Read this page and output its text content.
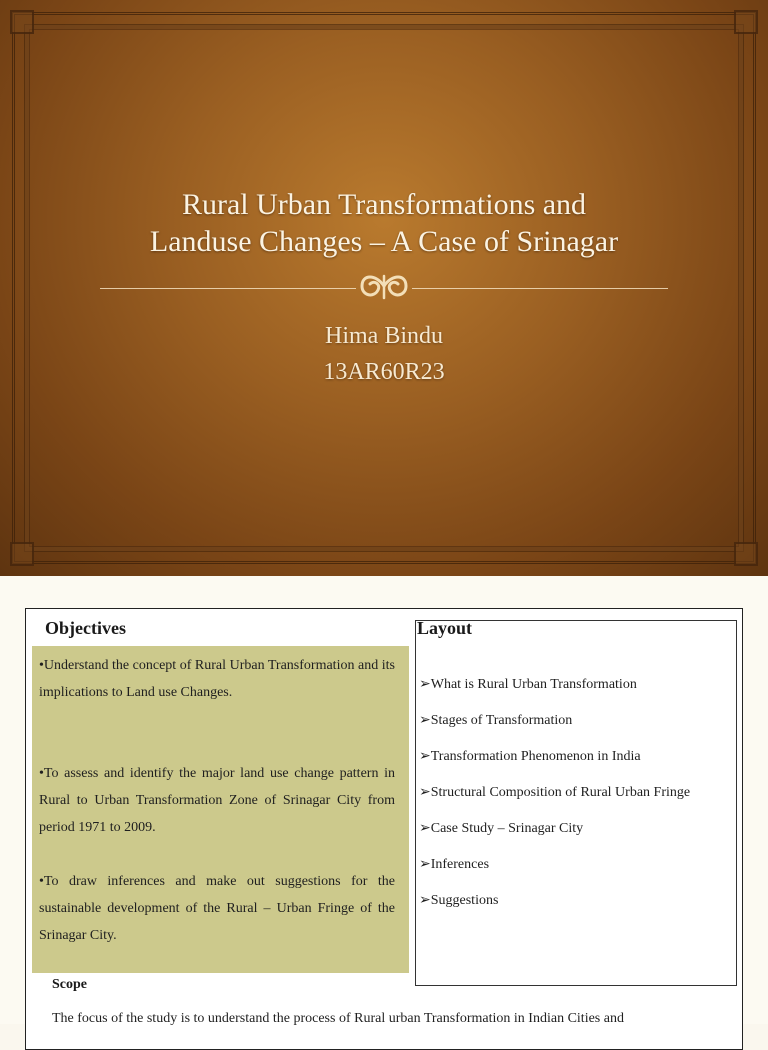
Rural Urban Transformations and
Landuse Changes – A Case of Srinagar
Hima Bindu
13AR60R23
Objectives
•Understand the concept of Rural Urban Transformation and its implications to Land use Changes.
•To assess and identify the major land use change pattern in Rural to Urban Transformation Zone of Srinagar City from period 1971 to 2009.
•To draw inferences and make out suggestions for the sustainable development of the Rural – Urban Fringe of the Srinagar City.
Layout
➢What is Rural Urban Transformation
➢Stages of Transformation
➢Transformation Phenomenon in India
➢Structural Composition of Rural Urban Fringe
➢Case Study – Srinagar City
➢Inferences
➢Suggestions
Scope
The focus of the study is to understand the process of Rural urban Transformation in Indian Cities and
